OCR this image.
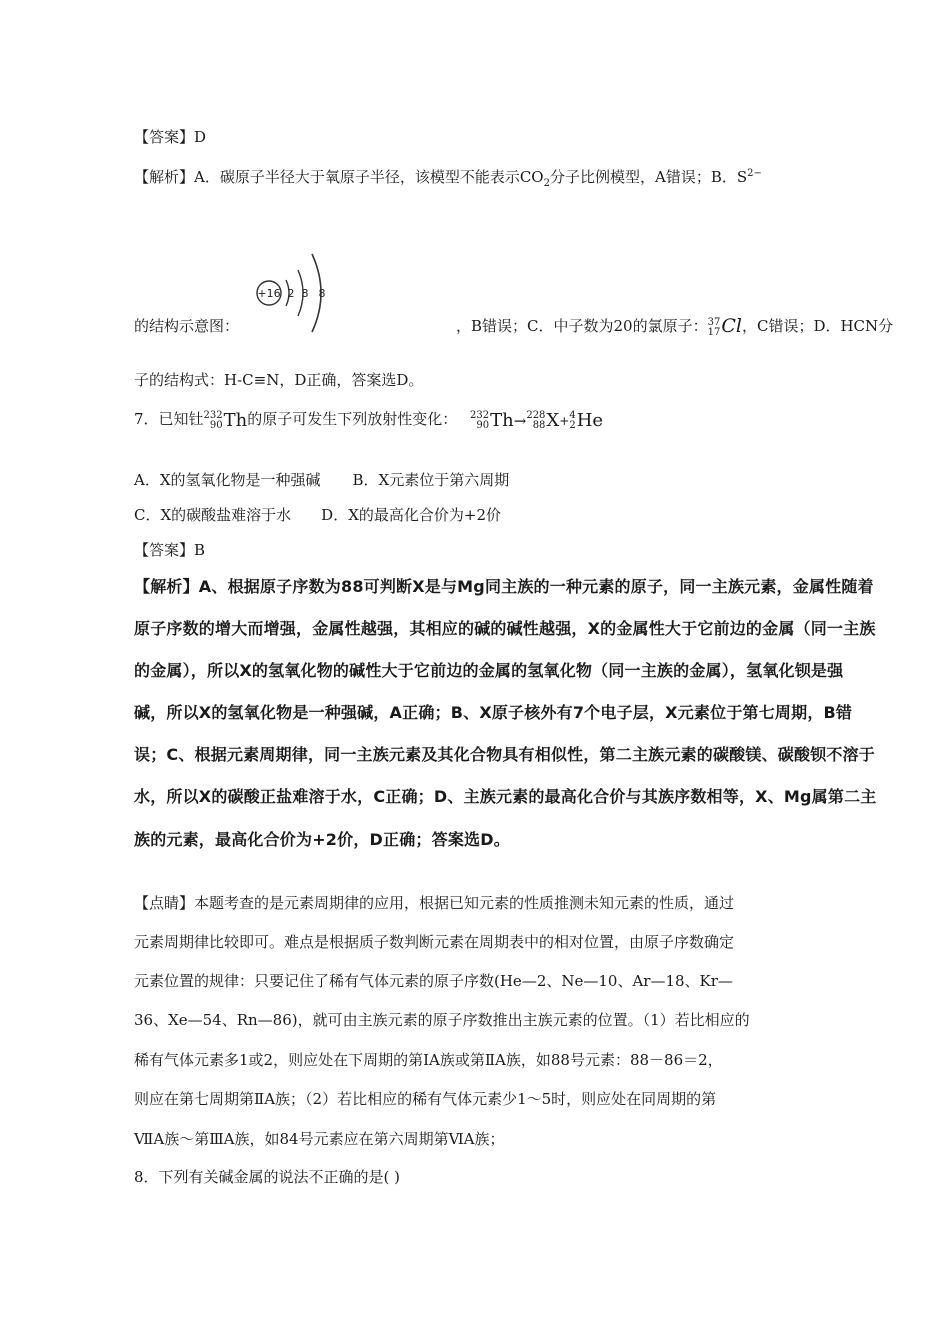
【答案】D
【解析】A．碳原子半径大于氧原子半径，该模型不能表示$CO_2$分子比例模型，A错误；B．$S^{2-}$
+16 2 8 8
的结构示意图：	，B错误；C．中子数为20的氯原子： 37
17 Cl，C错误；D．HCN分
子的结构式：H-C≡N，D正确，答案选D。
7．已知钍 232
90 Th的原子可发生下列放射性变化： 232
90 Th→ 228
88 X+ 4
2 He
A．X的氢氧化物是一种强碱 B．X元素位于第六周期
C．X的碳酸盐难溶于水 D．X的最高化合价为+2价
【答案】B
【解析】A、根据原子序数为88可判断X是与Mg同主族的一种元素的原子，同一主族元素，金属性随着
原子序数的增大而增强，金属性越强，其相应的碱的碱性越强，X的金属性大于它前边的金属（同一主族
的金属），所以X的氢氧化物的碱性大于它前边的金属的氢氧化物（同一主族的金属），氢氧化钡是强
碱，所以X的氢氧化物是一种强碱，A正确；B、X原子核外有7个电子层，X元素位于第七周期，B错
误；C、根据元素周期律，同一主族元素及其化合物具有相似性，第二主族元素的碳酸镁、碳酸钡不溶于
水，所以X的碳酸正盐难溶于水，C正确；D、主族元素的最高化合价与其族序数相等，X、Mg属第二主
族的元素，最高化合价为+2价，D正确；答案选D。
【点睛】本题考查的是元素周期律的应用，根据已知元素的性质推测未知元素的性质，通过
元素周期律比较即可。难点是根据质子数判断元素在周期表中的相对位置，由原子序数确定
元素位置的规律：只要记住了稀有气体元素的原子序数(He—2、Ne—10、Ar—18、Kr—
36、Xe—54、Rn—86)，就可由主族元素的原子序数推出主族元素的位置。（1）若比相应的
稀有气体元素多1或2，则应处在下周期的第ⅠA族或第ⅡA族，如88号元素：88－86＝2，
则应在第七周期第ⅡA族；（2）若比相应的稀有气体元素少1～5时，则应处在同周期的第
ⅦA族～第ⅢA族，如84号元素应在第六周期第ⅥA族；
8．下列有关碱金属的说法不正确的是( )
